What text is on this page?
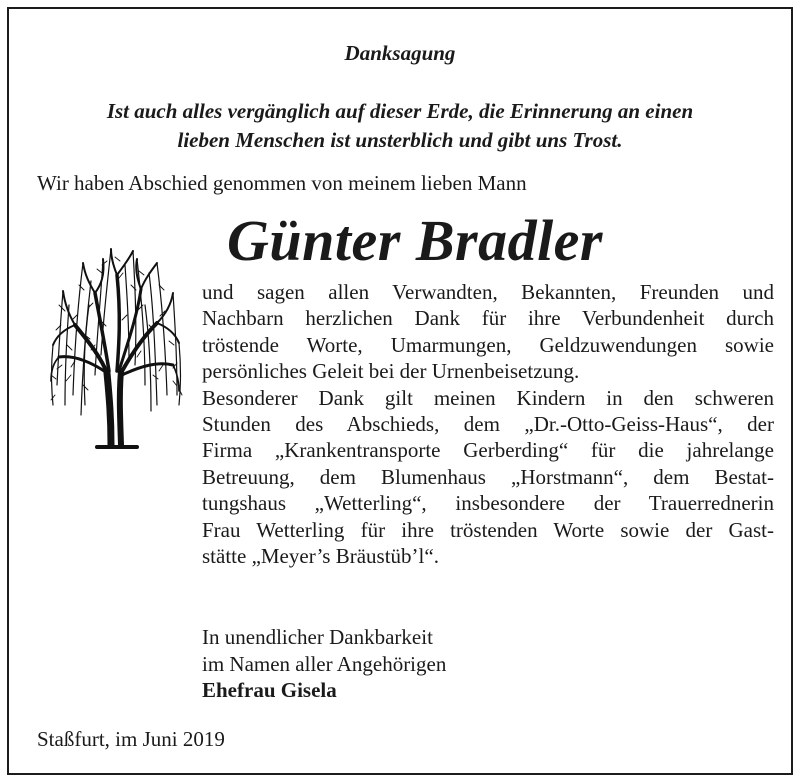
Danksagung
Ist auch alles vergänglich auf dieser Erde, die Erinnerung an einen
lieben Menschen ist unsterblich und gibt uns Trost.
Wir haben Abschied genommen von meinem lieben Mann
Günter Bradler
und sagen allen Verwandten, Bekannten, Freunden und
Nachbarn herzlichen Dank für ihre Verbundenheit durch
tröstende Worte, Umarmungen, Geldzuwendungen sowie
persönliches Geleit bei der Urnenbeisetzung.
Besonderer Dank gilt meinen Kindern in den schweren
Stunden des Abschieds, dem „Dr.-Otto-Geiss-Haus“, der
Firma „Krankentransporte Gerberding“ für die jahrelange
Betreuung, dem Blumenhaus „Horstmann“, dem Bestat-
tungshaus „Wetterling“, insbesondere der Trauerrednerin
Frau Wetterling für ihre tröstenden Worte sowie der Gast-
stätte „Meyer’s Bräustüb’l“.
In unendlicher Dankbarkeit
im Namen aller Angehörigen
Ehefrau Gisela
Staßfurt, im Juni 2019
